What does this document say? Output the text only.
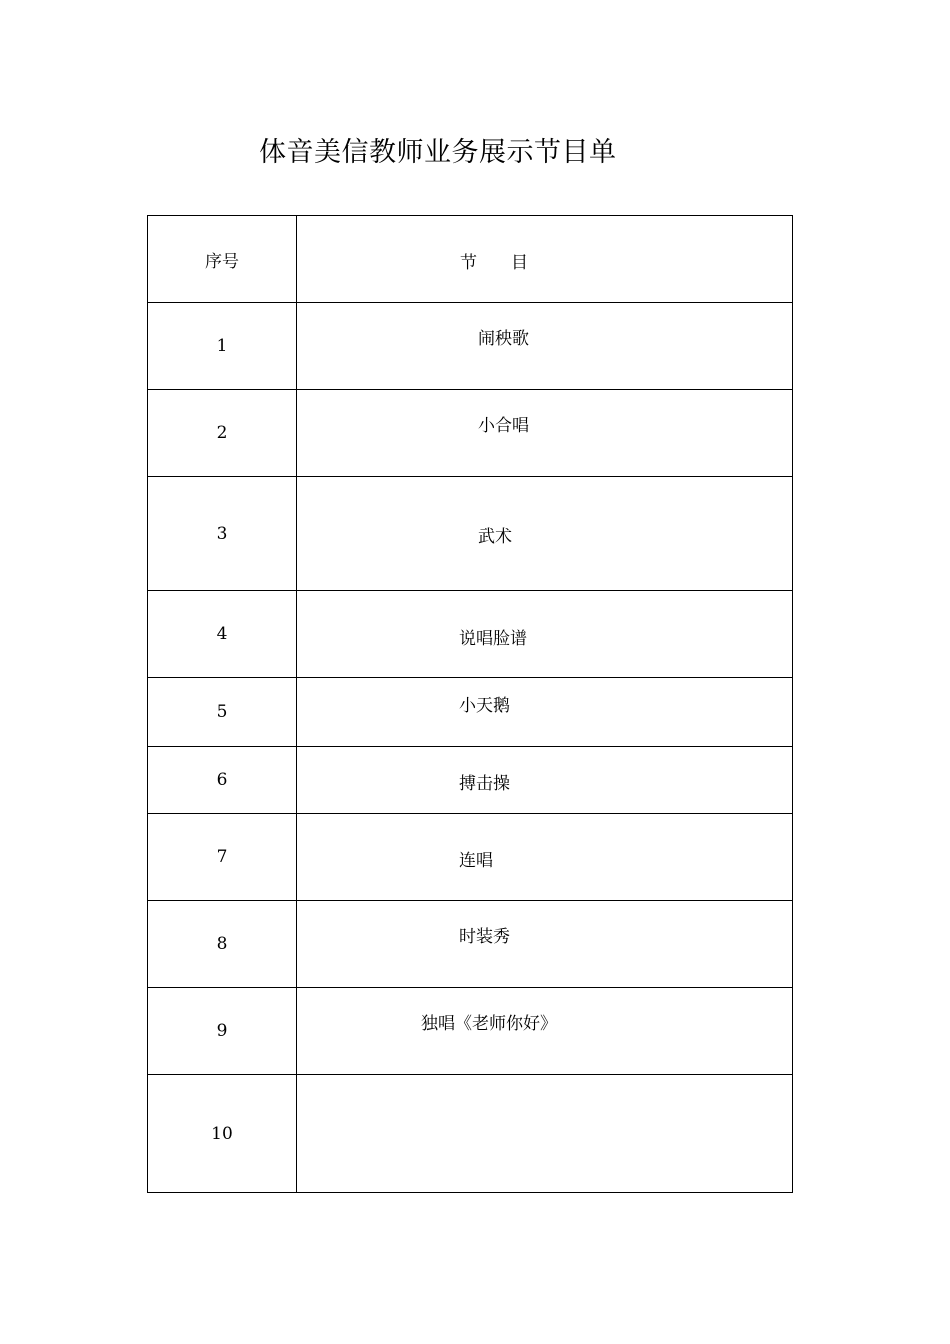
体音美信教师业务展示节目单
序号	节　　目

1	闹秧歌

2	小合唱

3	武术

4	说唱脸谱

5	小天鹅

6	搏击操

7	连唱

8	时装秀

9	独唱《老师你好》

10	
